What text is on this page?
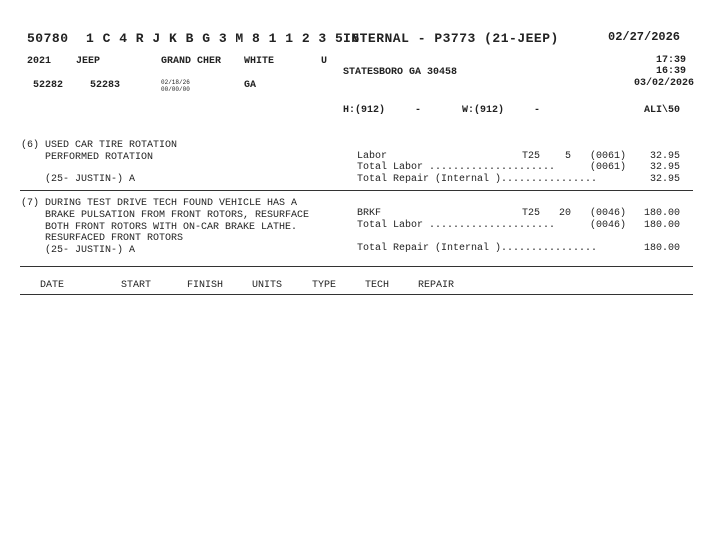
50780 1 C 4 R J K B G 3 M 8 1 1 2 3 5 6
INTERNAL - P3773 (21-JEEP)	02/27/2026
2021 JEEP	GRAND CHER WHITE	U	17:39
16:39
03/02/2026
STATESBORO GA 30458
52282	52283	02/18/26
00/00/00	GA
H:(912)     -	W:(912)     -	ALI\50
(6) USED CAR TIRE ROTATION
PERFORMED ROTATION
(25- JUSTIN-) A
Labor	T25	5 (0061)	32.95
Total Labor .....................	(0061)	32.95
Total Repair (Internal )................	32.95
(7) DURING TEST DRIVE TECH FOUND VEHICLE HAS A
BRAKE PULSATION FROM FRONT ROTORS, RESURFACE
BOTH FRONT ROTORS WITH ON-CAR BRAKE LATHE.
RESURFACED FRONT ROTORS
(25- JUSTIN-) A
BRKF	T25	20 (0046)	180.00
Total Labor .....................	(0046)	180.00
Total Repair (Internal )................	180.00
DATE	START	FINISH	UNITS	TYPE	TECH	REPAIR
